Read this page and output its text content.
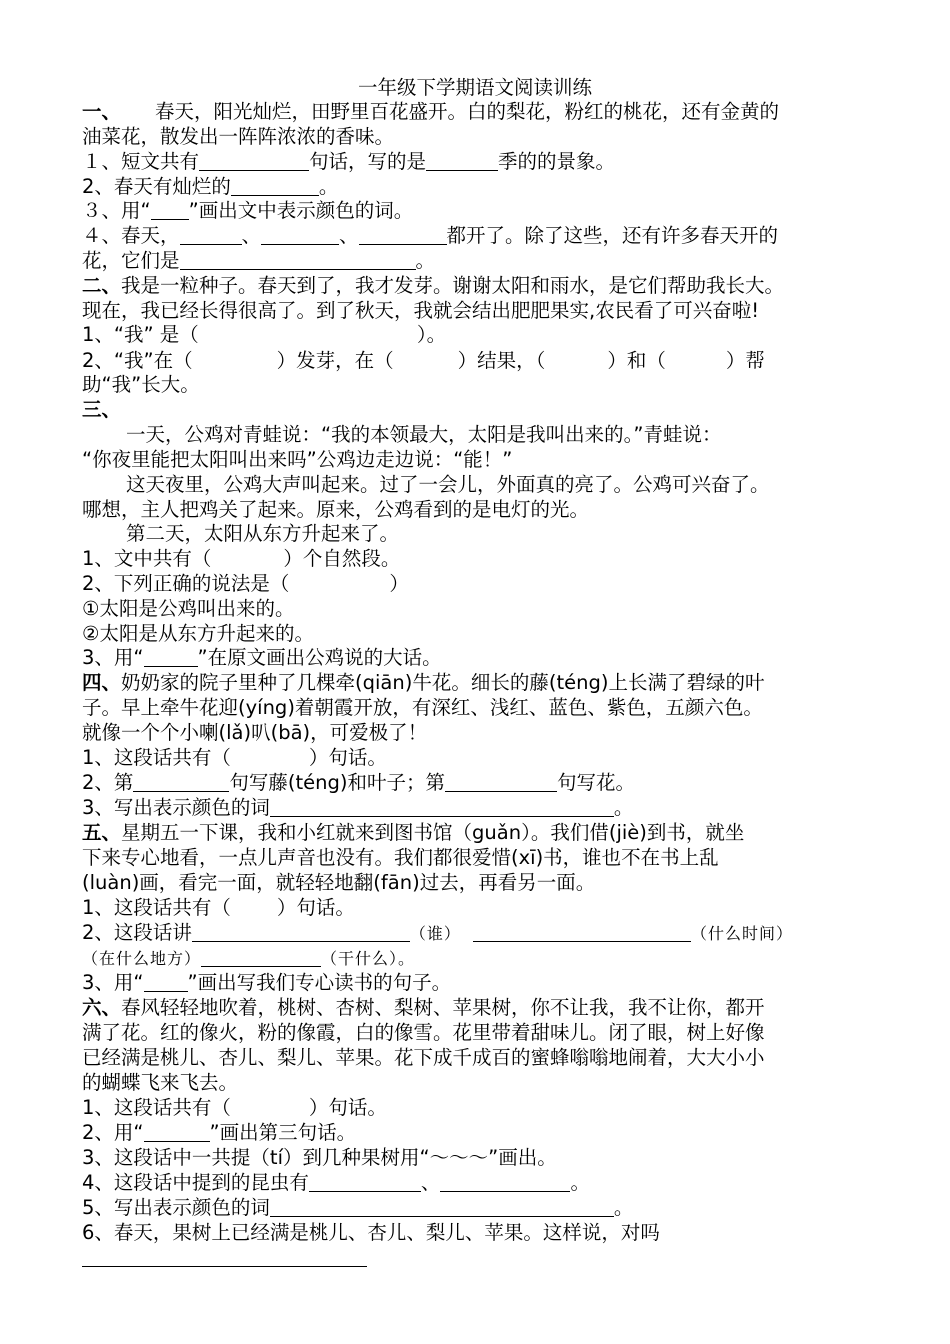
一年级下学期语文阅读训练
一、 春天，阳光灿烂，田野里百花盛开。白的梨花，粉红的桃花，还有金黄的
油菜花，散发出一阵阵浓浓的香味。
１、短文共有	句话，写的是	季的的景象。
2、春天有灿烂的	。
３、用“ ”画出文中表示颜色的词。
４、春天，	、	、	都开了。除了这些，还有许多春天开的
花，它们是	。
二、我是一粒种子。春天到了，我才发芽。谢谢太阳和雨水，是它们帮助我长大。
现在，我已经长得很高了。到了秋天，我就会结出肥肥果实,农民看了可兴奋啦!
1、“我” 是（	）。
2、“我”在（	）发芽，在（	）结果，（	）和（	）帮
助“我”长大。
三、
一天，公鸡对青蛙说：“我的本领最大，太阳是我叫出来的。”青蛙说：
“你夜里能把太阳叫出来吗”公鸡边走边说：“能！”
这天夜里，公鸡大声叫起来。过了一会儿，外面真的亮了。公鸡可兴奋了。
哪想，主人把鸡关了起来。原来，公鸡看到的是电灯的光。
第二天，太阳从东方升起来了。
1、文中共有（	）个自然段。
2、下列正确的说法是（	）
①太阳是公鸡叫出来的。
②太阳是从东方升起来的。
3、用“	”在原文画出公鸡说的大话。
四、奶奶家的院子里种了几棵牵(qiān)牛花。细长的藤(téng)上长满了碧绿的叶
子。早上牵牛花迎(yíng)着朝霞开放，有深红、浅红、蓝色、紫色，五颜六色。
就像一个个小喇(lǎ)叭(bā)，可爱极了！
1、这段话共有（	）句话。
2、第	句写藤(téng)和叶子；第	句写花。
3、写出表示颜色的词	。
五、星期五一下课，我和小红就来到图书馆（guǎn）。我们借(jiè)到书，就坐
下来专心地看，一点儿声音也没有。我们都很爱惜(xī)书，谁也不在书上乱
(luàn)画，看完一面，就轻轻地翻(fān)过去，再看另一面。
1、这段话共有（ ）句话。
2、这段话讲	（谁）	（什么时间）
（在什么地方）	（干什么）。
3、用“ ”画出写我们专心读书的句子。
六、春风轻轻地吹着，桃树、杏树、梨树、苹果树，你不让我，我不让你，都开
满了花。红的像火，粉的像霞，白的像雪。花里带着甜味儿。闭了眼，树上好像
已经满是桃儿、杏儿、梨儿、苹果。花下成千成百的蜜蜂嗡嗡地闹着，大大小小
的蝴蝶飞来飞去。
1、这段话共有（	）句话。
2、用“	”画出第三句话。
3、这段话中一共提（tí）到几种果树用“～～～”画出。
4、这段话中提到的昆虫有	、	。
5、写出表示颜色的词	。
6、春天，果树上已经满是桃儿、杏儿、梨儿、苹果。这样说，对吗
